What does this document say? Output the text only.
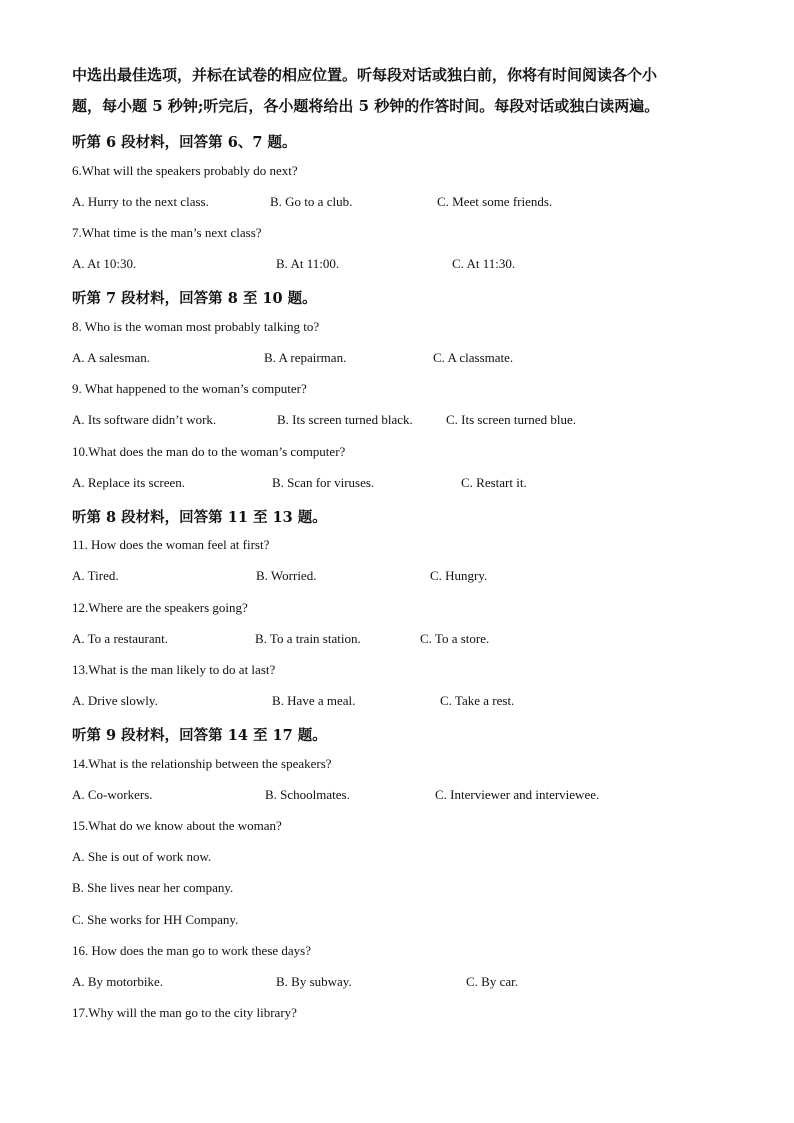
中选出最佳选项，并标在试卷的相应位置。听每段对话或独白前，你将有时间阅读各个小
题，每小题 5 秒钟;听完后，各小题将给出 5 秒钟的作答时间。每段对话或独白读两遍。
听第 6 段材料，回答第 6、7 题。
6.What will the speakers probably do next?
A. Hurry to the next class.	B. Go to a club.	C. Meet some friends.
7.What time is the man’s next class?
A. At 10:30.	B. At 11:00.	C. At 11:30.
听第 7 段材料，回答第 8 至 10 题。
8. Who is the woman most probably talking to?
A. A salesman.	B. A repairman.	C. A classmate.
9. What happened to the woman’s computer?
A. Its software didn’t work.	B. Its screen turned black.	C. Its screen turned blue.
10.What does the man do to the woman’s computer?
A. Replace its screen.	B. Scan for viruses.	C. Restart it.
听第 8 段材料，回答第 11 至 13 题。
11. How does the woman feel at first?
A. Tired.	B. Worried.	C. Hungry.
12.Where are the speakers going?
A. To a restaurant.	B. To a train station.	C. To a store.
13.What is the man likely to do at last?
A. Drive slowly.	B. Have a meal.	C. Take a rest.
听第 9 段材料，回答第 14 至 17 题。
14.What is the relationship between the speakers?
A. Co-workers.	B. Schoolmates.	C. Interviewer and interviewee.
15.What do we know about the woman?
A. She is out of work now.
B. She lives near her company.
C. She works for HH Company.
16. How does the man go to work these days?
A. By motorbike.	B. By subway.	C. By car.
17.Why will the man go to the city library?
